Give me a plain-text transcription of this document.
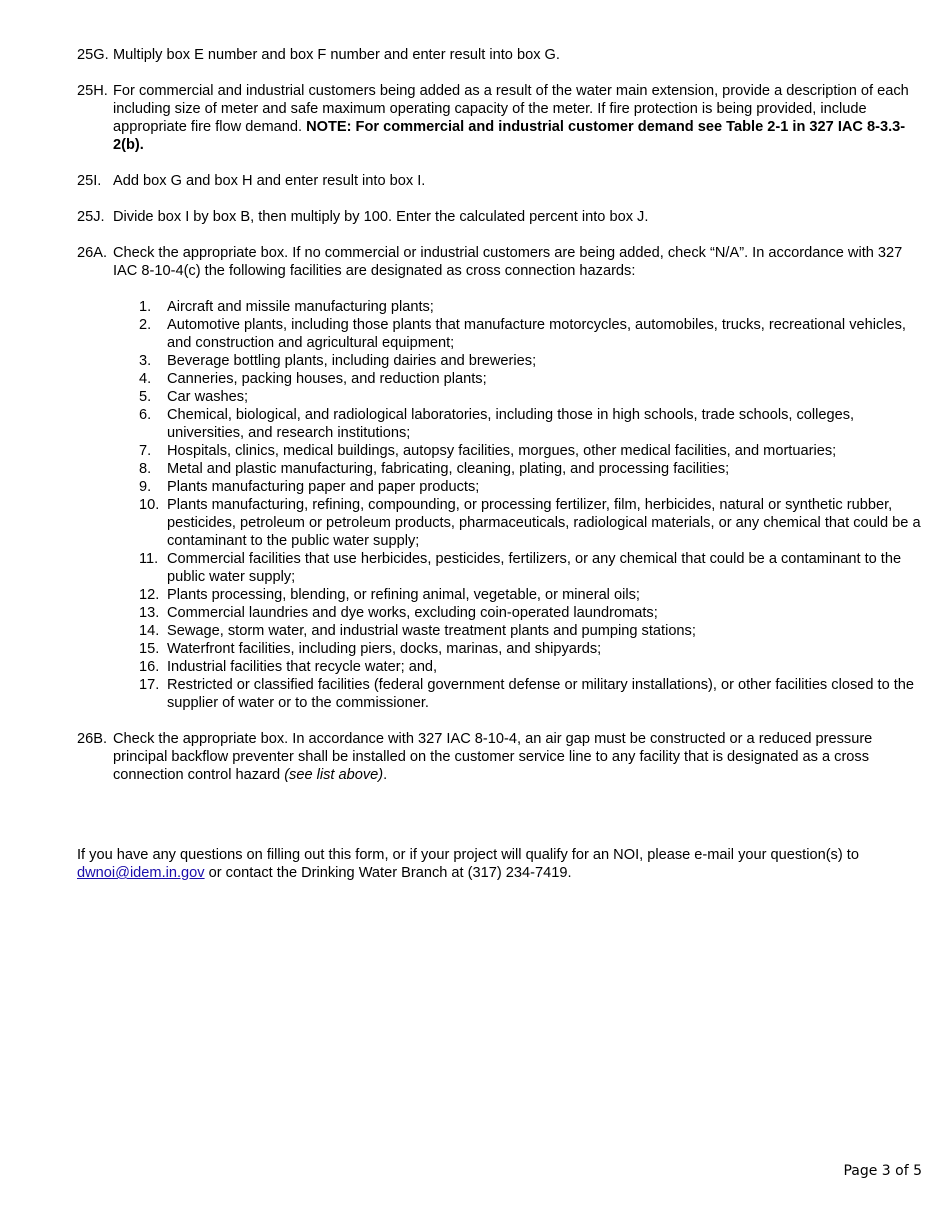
25G. Multiply box E number and box F number and enter result into box G.
25H. For commercial and industrial customers being added as a result of the water main extension, provide a description of each including size of meter and safe maximum operating capacity of the meter. If fire protection is being provided, include appropriate fire flow demand. NOTE: For commercial and industrial customer demand see Table 2-1 in 327 IAC 8-3.3-2(b).
25I. Add box G and box H and enter result into box I.
25J. Divide box I by box B, then multiply by 100. Enter the calculated percent into box J.
26A. Check the appropriate box. If no commercial or industrial customers are being added, check “N/A”. In accordance with 327 IAC 8-10-4(c) the following facilities are designated as cross connection hazards:
1.	Aircraft and missile manufacturing plants;
2.	Automotive plants, including those plants that manufacture motorcycles, automobiles, trucks, recreational vehicles, and construction and agricultural equipment;
3.	Beverage bottling plants, including dairies and breweries;
4.	Canneries, packing houses, and reduction plants;
5.	Car washes;
6.	Chemical, biological, and radiological laboratories, including those in high schools, trade schools, colleges, universities, and research institutions;
7.	Hospitals, clinics, medical buildings, autopsy facilities, morgues, other medical facilities, and mortuaries;
8.	Metal and plastic manufacturing, fabricating, cleaning, plating, and processing facilities;
9.	Plants manufacturing paper and paper products;
10. Plants manufacturing, refining, compounding, or processing fertilizer, film, herbicides, natural or synthetic rubber, pesticides, petroleum or petroleum products, pharmaceuticals, radiological materials, or any chemical that could be a contaminant to the public water supply;
11. Commercial facilities that use herbicides, pesticides, fertilizers, or any chemical that could be a contaminant to the public water supply;
12. Plants processing, blending, or refining animal, vegetable, or mineral oils;
13. Commercial laundries and dye works, excluding coin-operated laundromats;
14. Sewage, storm water, and industrial waste treatment plants and pumping stations;
15. Waterfront facilities, including piers, docks, marinas, and shipyards;
16. Industrial facilities that recycle water; and,
17. Restricted or classified facilities (federal government defense or military installations), or other facilities closed to the supplier of water or to the commissioner.
26B. Check the appropriate box. In accordance with 327 IAC 8-10-4, an air gap must be constructed or a reduced pressure principal backflow preventer shall be installed on the customer service line to any facility that is designated as a cross connection control hazard (see list above).
If you have any questions on filling out this form, or if your project will qualify for an NOI, please e-mail your question(s) to dwnoi@idem.in.gov or contact the Drinking Water Branch at (317) 234-7419.
Page 3 of 5
